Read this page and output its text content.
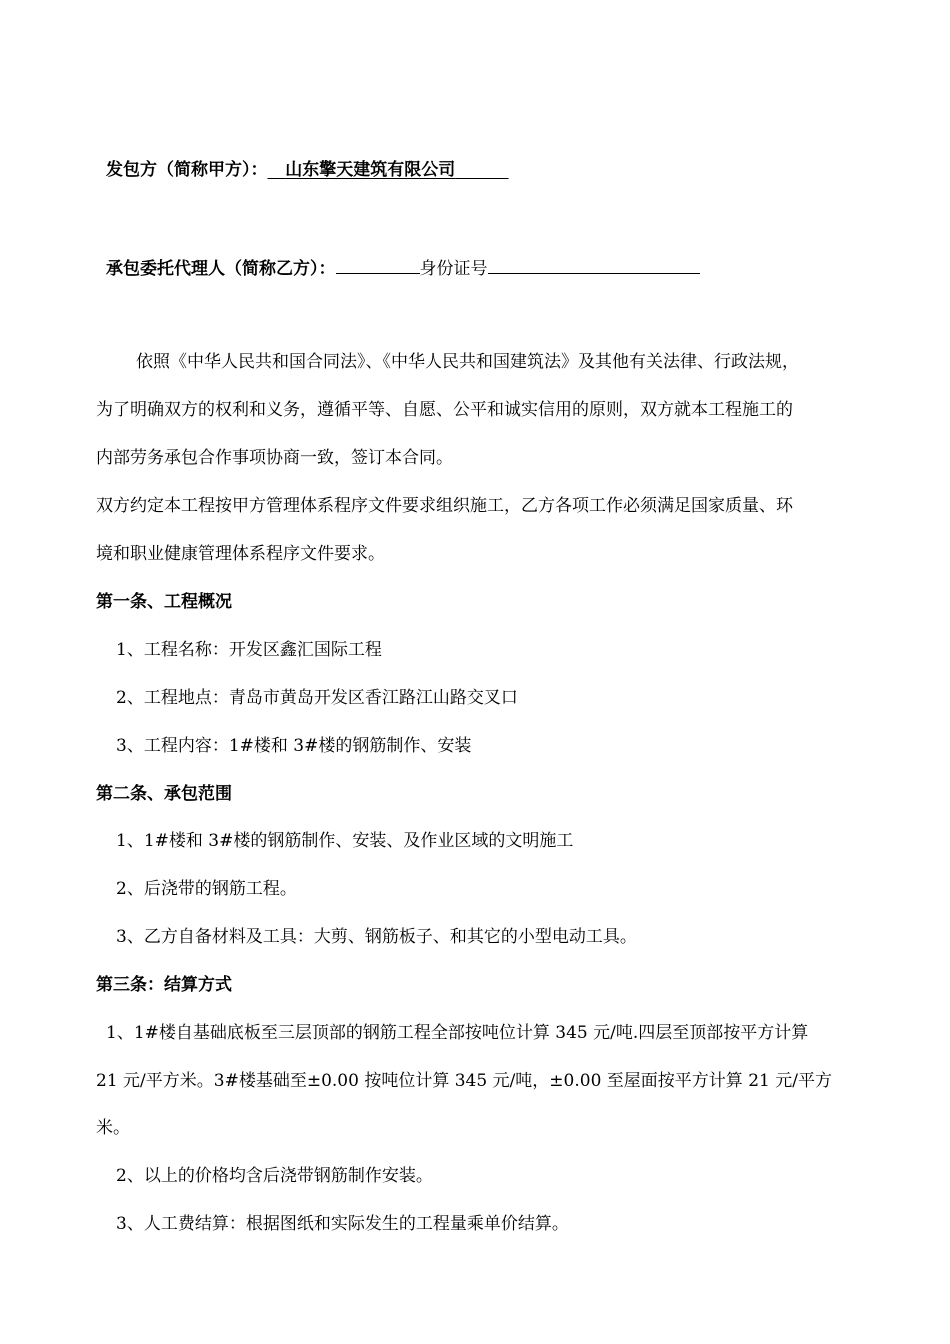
发包方（简称甲方）： 山东擎天建筑有限公司
承包委托代理人（简称乙方）：	身份证号
依照《中华人民共和国合同法》、《中华人民共和国建筑法》及其他有关法律、行政法规，
为了明确双方的权利和义务，遵循平等、自愿、公平和诚实信用的原则，双方就本工程施工的
内部劳务承包合作事项协商一致，签订本合同。
双方约定本工程按甲方管理体系程序文件要求组织施工，乙方各项工作必须满足国家质量、环
境和职业健康管理体系程序文件要求。
第一条、工程概况
1、工程名称：开发区鑫汇国际工程
2、工程地点：青岛市黄岛开发区香江路江山路交叉口
3、工程内容：1#楼和 3#楼的钢筋制作、安装
第二条、承包范围
1、1#楼和 3#楼的钢筋制作、安装、及作业区域的文明施工
2、后浇带的钢筋工程。
3、乙方自备材料及工具：大剪、钢筋板子、和其它的小型电动工具。
第三条：结算方式
1、1#楼自基础底板至三层顶部的钢筋工程全部按吨位计算 345 元/吨.四层至顶部按平方计算
21 元/平方米。3#楼基础至±0.00 按吨位计算 345 元/吨，±0.00 至屋面按平方计算 21 元/平方
米。
2、以上的价格均含后浇带钢筋制作安装。
3、人工费结算：根据图纸和实际发生的工程量乘单价结算。
